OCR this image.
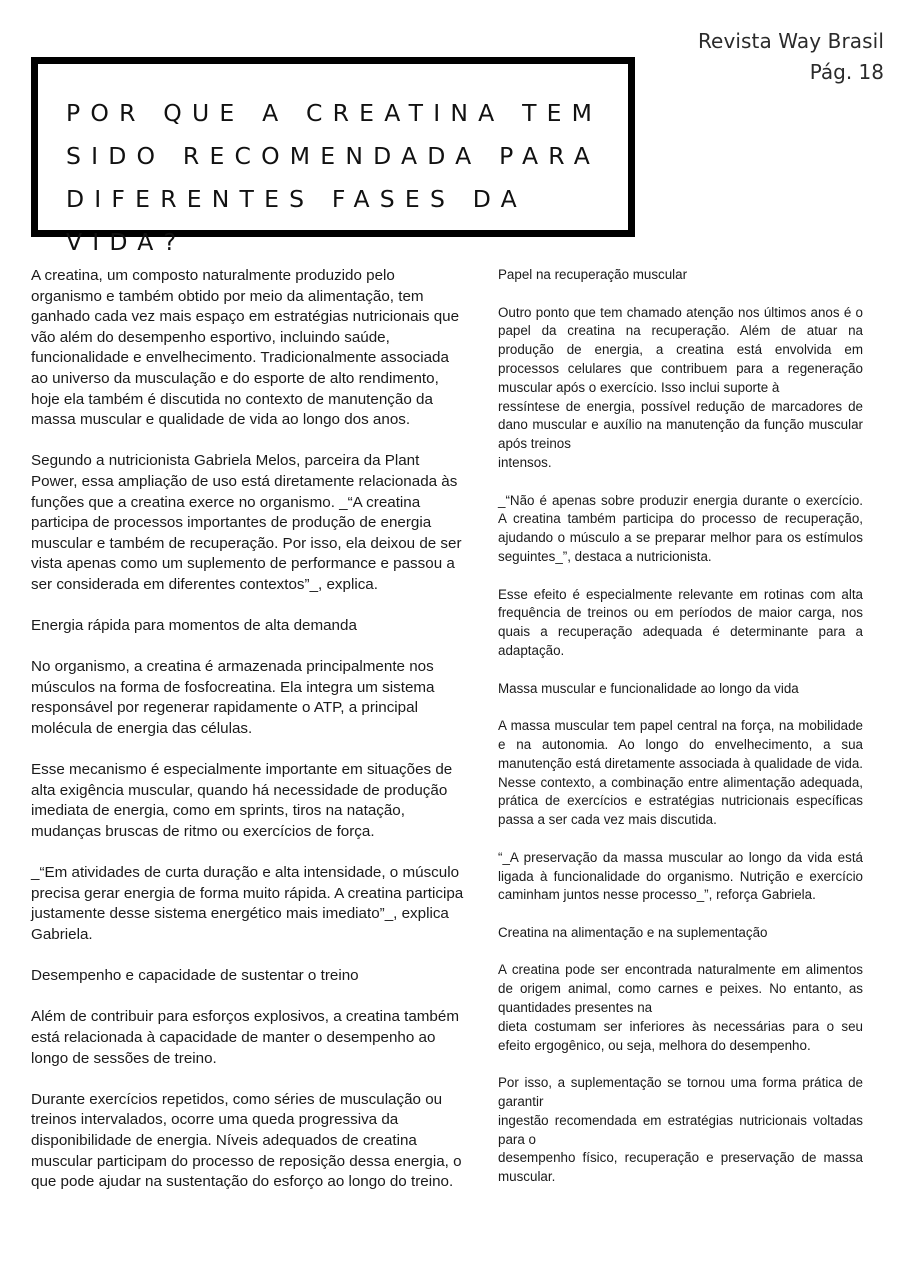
Revista Way Brasil
Pág. 18
POR QUE A CREATINA TEM
SIDO RECOMENDADA PARA
DIFERENTES FASES DA VIDA?

A creatina, um composto naturalmente produzido pelo organismo e também obtido por meio da alimentação, tem ganhado cada vez mais espaço em estratégias nutricionais que vão além do desempenho esportivo, incluindo saúde, funcionalidade e envelhecimento. Tradicionalmente associada ao universo da musculação e do esporte de alto rendimento, hoje ela também é discutida no contexto de manutenção da massa muscular e qualidade de vida ao longo dos anos.

Segundo a nutricionista Gabriela Melos, parceira da Plant Power, essa ampliação de uso está diretamente relacionada às funções que a creatina exerce no organismo. _“A creatina participa de processos importantes de produção de energia muscular e também de recuperação. Por isso, ela deixou de ser vista apenas como um suplemento de performance e passou a ser considerada em diferentes contextos”_, explica.

Energia rápida para momentos de alta demanda

No organismo, a creatina é armazenada principalmente nos músculos na forma de fosfocreatina. Ela integra um sistema responsável por regenerar rapidamente o ATP, a principal molécula de energia das células.

Esse mecanismo é especialmente importante em situações de alta exigência muscular, quando há necessidade de produção imediata de energia, como em sprints, tiros na natação, mudanças bruscas de ritmo ou exercícios de força.

_“Em atividades de curta duração e alta intensidade, o músculo precisa gerar energia de forma muito rápida. A creatina participa justamente desse sistema energético mais imediato”_, explica Gabriela.

Desempenho e capacidade de sustentar o treino

Além de contribuir para esforços explosivos, a creatina também está relacionada à capacidade de manter o desempenho ao longo de sessões de treino.

Durante exercícios repetidos, como séries de musculação ou treinos intervalados, ocorre uma queda progressiva da disponibilidade de energia. Níveis adequados de creatina muscular participam do processo de reposição dessa energia, o que pode ajudar na sustentação do esforço ao longo do treino.

Papel na recuperação muscular

Outro ponto que tem chamado atenção nos últimos anos é o papel da creatina na recuperação. Além de atuar na produção de energia, a creatina está envolvida em processos celulares que contribuem para a regeneração muscular após o exercício. Isso inclui suporte à
ressíntese de energia, possível redução de marcadores de dano muscular e auxílio na manutenção da função muscular após treinos
intensos.

_“Não é apenas sobre produzir energia durante o exercício. A creatina também participa do processo de recuperação, ajudando o músculo a se preparar melhor para os estímulos seguintes_”, destaca a nutricionista.

Esse efeito é especialmente relevante em rotinas com alta frequência de treinos ou em períodos de maior carga, nos quais a recuperação adequada é determinante para a adaptação.

Massa muscular e funcionalidade ao longo da vida

A massa muscular tem papel central na força, na mobilidade e na autonomia. Ao longo do envelhecimento, a sua manutenção está diretamente associada à qualidade de vida. Nesse contexto, a combinação entre alimentação adequada, prática de exercícios e estratégias nutricionais específicas passa a ser cada vez mais discutida.

“_A preservação da massa muscular ao longo da vida está ligada à funcionalidade do organismo. Nutrição e exercício caminham juntos nesse processo_”, reforça Gabriela.

Creatina na alimentação e na suplementação

A creatina pode ser encontrada naturalmente em alimentos de origem animal, como carnes e peixes. No entanto, as quantidades presentes na
dieta costumam ser inferiores às necessárias para o seu efeito ergogênico, ou seja, melhora do desempenho.

Por isso, a suplementação se tornou uma forma prática de garantir
ingestão recomendada em estratégias nutricionais voltadas para o
desempenho físico, recuperação e preservação de massa muscular.
